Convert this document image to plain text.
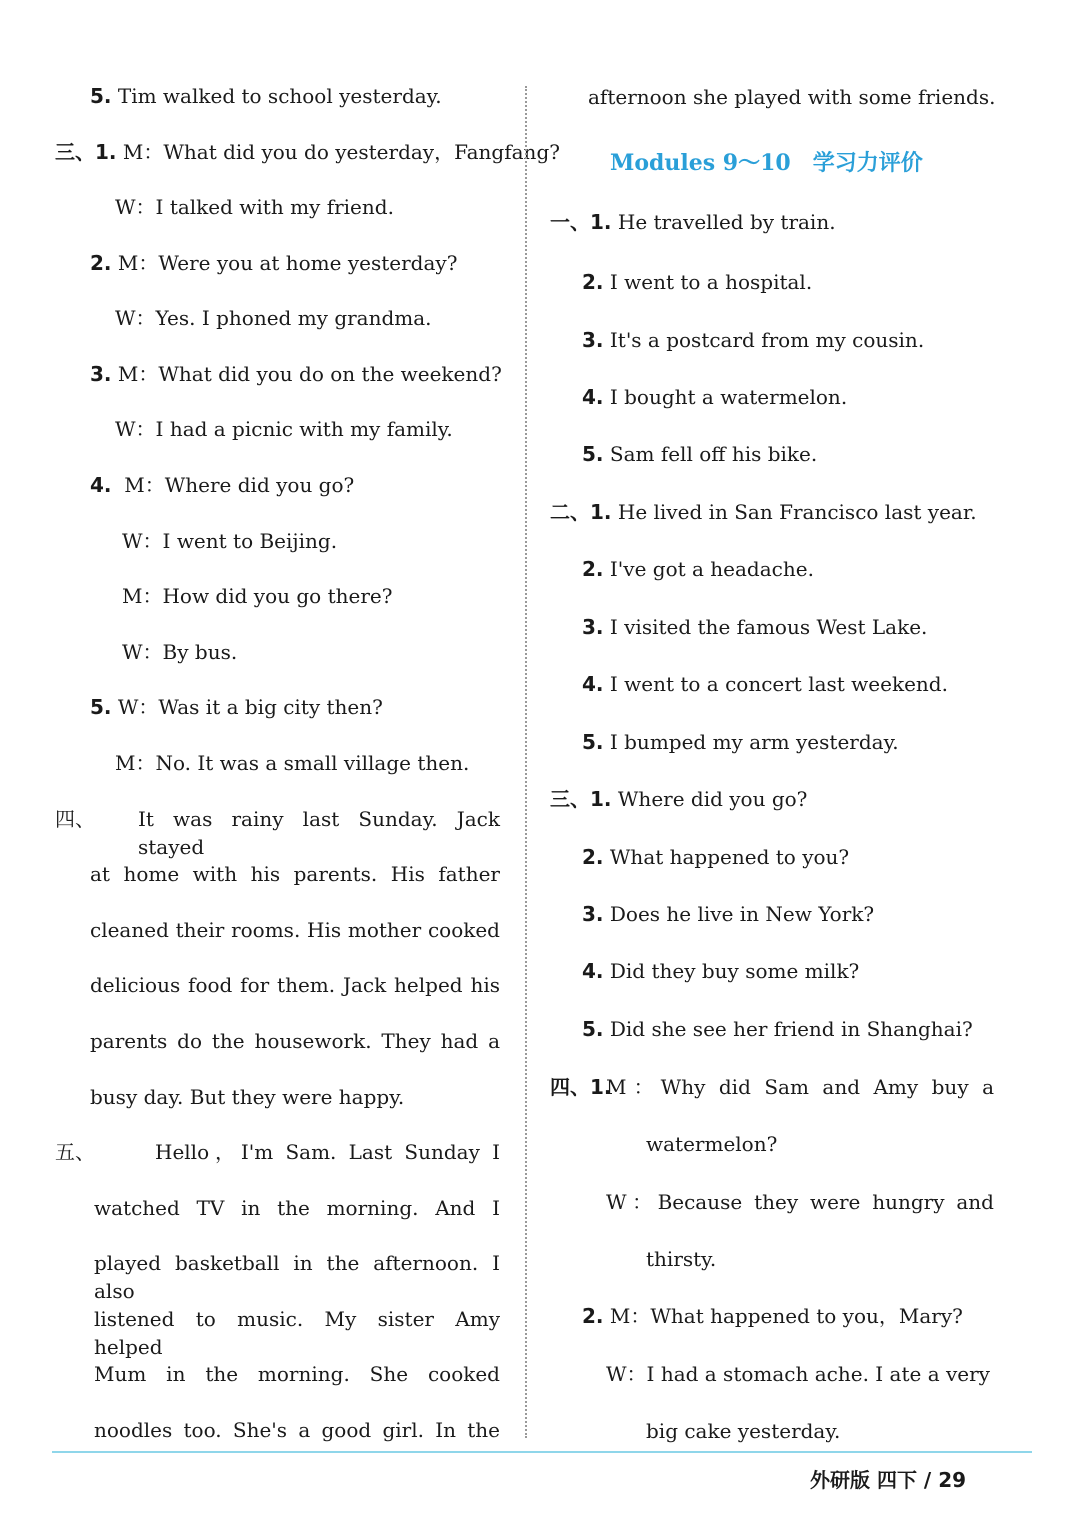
5. Tim walked to school yesterday.
三、1. M：What did you do yesterday，Fangfang?
W：I talked with my friend.
2. M：Were you at home yesterday?
W：Yes. I phoned my grandma.
3. M：What did you do on the weekend?
W：I had a picnic with my family.
4. M：Where did you go?
W：I went to Beijing.
M：How did you go there?
W：By bus.
5. W：Was it a big city then?
M：No. It was a small village then.
四、 It was rainy last Sunday. Jack stayed
at home with his parents. His father
cleaned their rooms. His mother cooked
delicious food for them. Jack helped his
parents do the housework. They had a
busy day. But they were happy.
五、	Hello，I'm Sam. Last Sunday I
watched TV in the morning. And I
played basketball in the afternoon. I also
listened to music. My sister Amy helped
Mum in the morning. She cooked
noodles too. She's a good girl. In the
afternoon she played with some friends.
Modules 9～10　学习力评价
一、1. He travelled by train.
2. I went to a hospital.
3. It's a postcard from my cousin.
4. I bought a watermelon.
5. Sam fell off his bike.
二、1. He lived in San Francisco last year.
2. I've got a headache.
3. I visited the famous West Lake.
4. I went to a concert last weekend.
5. I bumped my arm yesterday.
三、1. Where did you go?
2. What happened to you?
3. Does he live in New York?
4. Did they buy some milk?
5. Did she see her friend in Shanghai?
四、1.
M：Why did Sam and Amy buy a
watermelon?
W：Because they were hungry and
thirsty.
2. M：What happened to you，Mary?
W：I had a stomach ache. I ate a very
big cake yesterday.
外研版 四下 / 29
